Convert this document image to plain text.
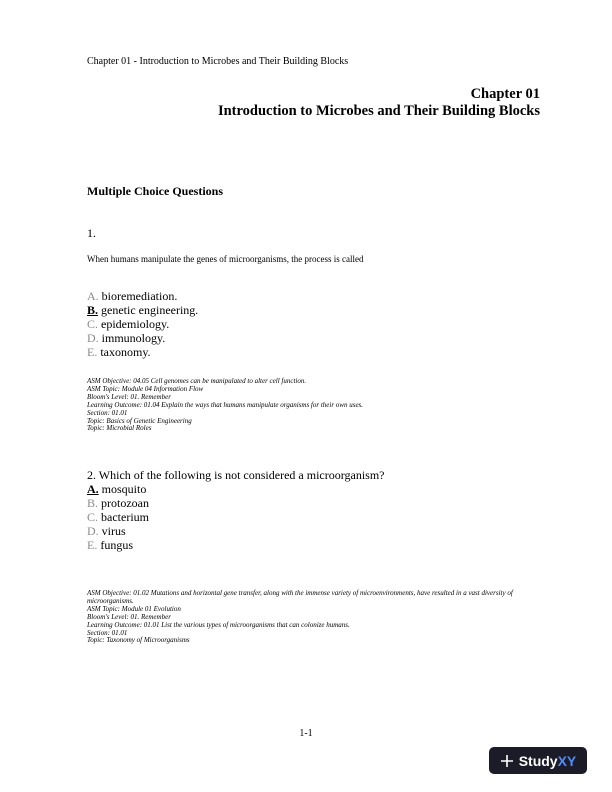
Chapter 01 - Introduction to Microbes and Their Building Blocks
Chapter 01
Introduction to Microbes and Their Building Blocks
Multiple Choice Questions
1.
When humans manipulate the genes of microorganisms, the process is called
A. bioremediation.
B. genetic engineering.
C. epidemiology.
D. immunology.
E. taxonomy.
ASM Objective: 04.05 Cell genomes can be manipulated to alter cell function.
ASM Topic: Module 04 Information Flow
Bloom's Level: 01. Remember
Learning Outcome: 01.04 Explain the ways that humans manipulate organisms for their own uses.
Section: 01.01
Topic: Basics of Genetic Engineering
Topic: Microbial Roles
2. Which of the following is not considered a microorganism?
A. mosquito
B. protozoan
C. bacterium
D. virus
E. fungus
ASM Objective: 01.02 Mutations and horizontal gene transfer, along with the immense variety of microenvironments, have resulted in a vast diversity of microorganisms.
ASM Topic: Module 01 Evolution
Bloom's Level: 01. Remember
Learning Outcome: 01.01 List the various types of microorganisms that can colonize humans.
Section: 01.01
Topic: Taxonomy of Microorganisms
1-1
StudyXY
